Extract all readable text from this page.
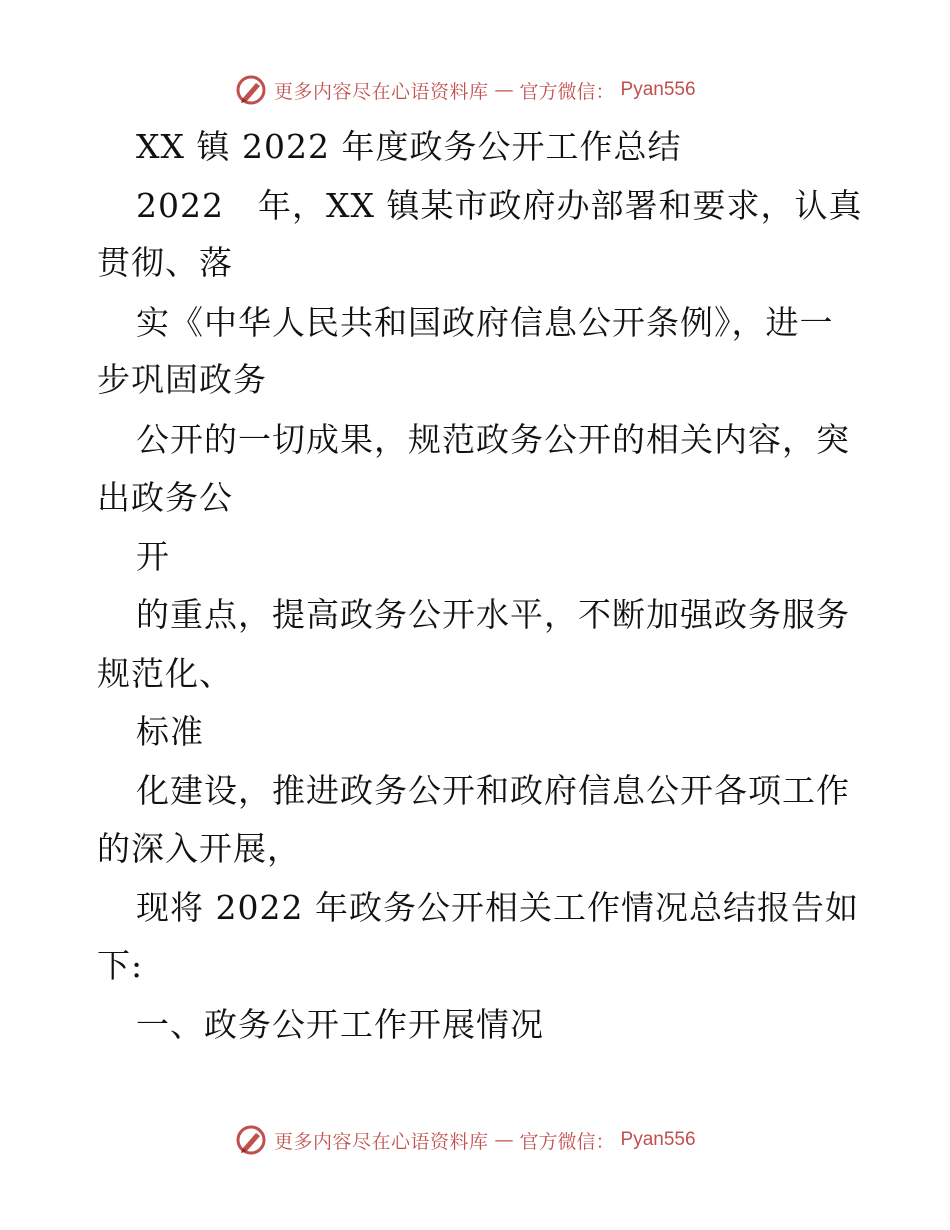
更多内容尽在心语资料库 — 官方微信： Pyan556
XX 镇 2022 年度政务公开工作总结
2022　年，XX 镇某市政府办部署和要求，认真
贯彻、落
实《中华人民共和国政府信息公开条例》，进一
步巩固政务
公开的一切成果，规范政务公开的相关内容，突
出政务公
开
的重点，提高政务公开水平，不断加强政务服务
规范化、
标准
化建设，推进政务公开和政府信息公开各项工作
的深入开展，
现将 2022 年政务公开相关工作情况总结报告如
下:
一、政务公开工作开展情况
更多内容尽在心语资料库 — 官方微信： Pyan556
